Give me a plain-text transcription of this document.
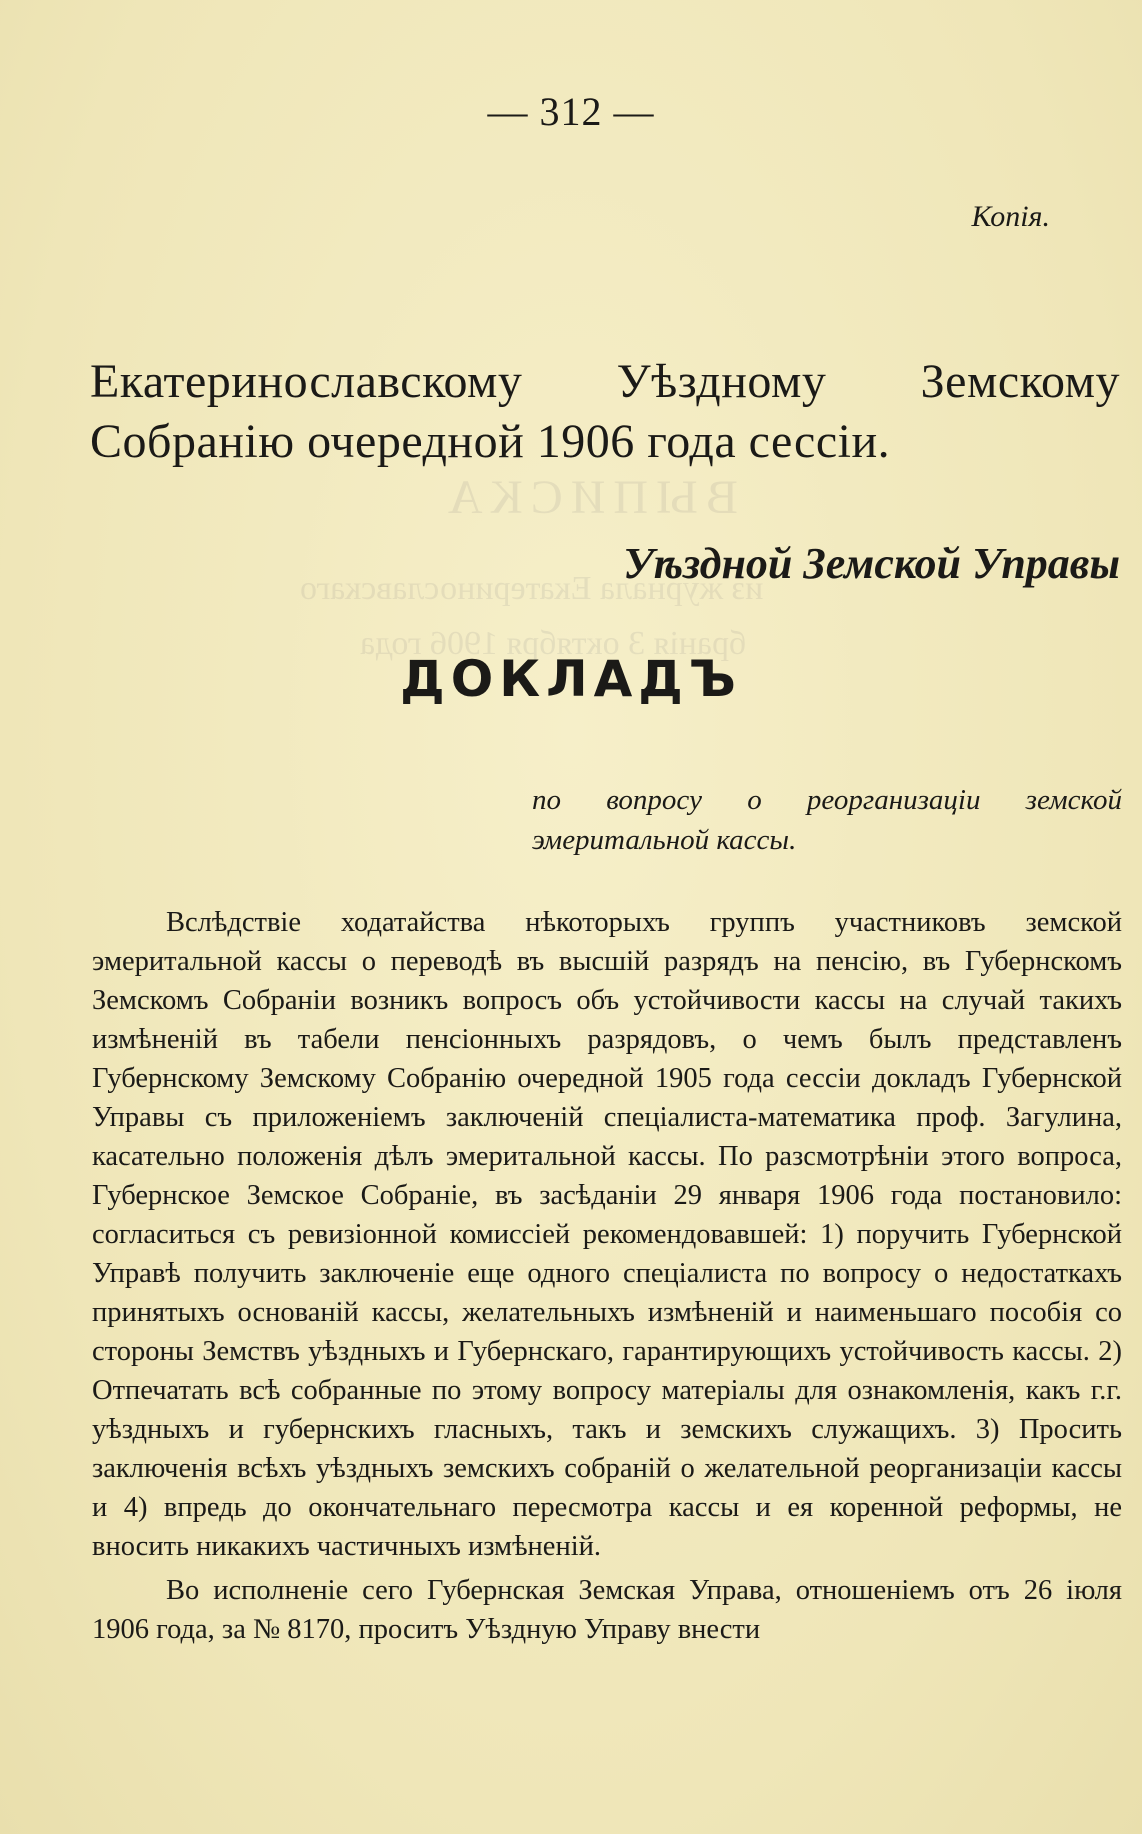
ВЫПИСКА
из журнала Екатеринославскаго
бранія 3 октября 1906 года
— 312 —
Копія.
Екатеринославскому Уѣздному Земскому Собранію очередной 1906 года сессіи.
Уѣздной Земской Управы
ДОКЛАДЪ
по вопросу о реорганизаціи земской эмеритальной кассы.

Вслѣдствіе ходатайства нѣкоторыхъ группъ участниковъ земской эмеритальной кассы о переводѣ въ высшій разрядъ на пенсію, въ Губернскомъ Земскомъ Собраніи возникъ вопросъ объ устойчивости кассы на случай такихъ измѣненій въ табели пенсіонныхъ разрядовъ, о чемъ былъ представленъ Губернскому Земскому Собранію очередной 1905 года сессіи докладъ Губернской Управы съ приложеніемъ заключеній спеціалиста-математика проф. Загулина, касательно положенія дѣлъ эмеритальной кассы. По разсмотрѣніи этого вопроса, Губернское Земское Собраніе, въ засѣданіи 29 января 1906 года постановило: согласиться съ ревизіонной комиссіей рекомендовавшей: 1) поручить Губернской Управѣ получить заключеніе еще одного спеціалиста по вопросу о недостаткахъ принятыхъ основаній кассы, желательныхъ измѣненій и наименьшаго пособія со стороны Земствъ уѣздныхъ и Губернскаго, гарантирующихъ устойчивость кассы. 2) Отпечатать всѣ собранные по этому вопросу матеріалы для ознакомленія, какъ г.г. уѣздныхъ и губернскихъ гласныхъ, такъ и земскихъ служащихъ. 3) Просить заключенія всѣхъ уѣздныхъ земскихъ собраній о желательной реорганизаціи кассы и 4) впредь до окончательнаго пересмотра кассы и ея коренной реформы, не вносить никакихъ частичныхъ измѣненій.

Во исполненіе сего Губернская Земская Управа, отношеніемъ отъ 26 іюля 1906 года, за № 8170, проситъ Уѣздную Управу внести
